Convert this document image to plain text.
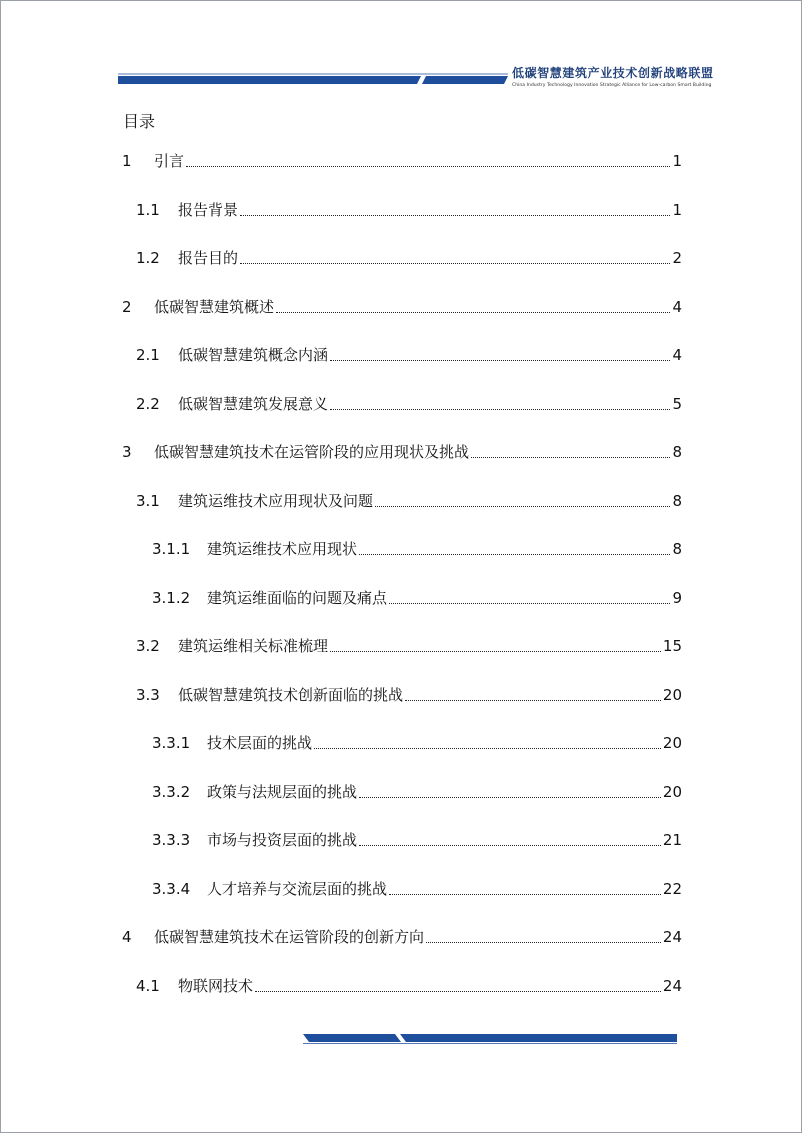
低碳智慧建筑产业技术创新战略联盟
China Industry Technology Innovation Strategic Alliance for Low-carbon Smart Building
目录
1	引言	1
1.1	报告背景	1
1.2	报告目的	2
2	低碳智慧建筑概述	4
2.1	低碳智慧建筑概念内涵	4
2.2	低碳智慧建筑发展意义	5
3	低碳智慧建筑技术在运管阶段的应用现状及挑战	8
3.1	建筑运维技术应用现状及问题	8
3.1.1	建筑运维技术应用现状	8
3.1.2	建筑运维面临的问题及痛点	9
3.2	建筑运维相关标准梳理	15
3.3	低碳智慧建筑技术创新面临的挑战	20
3.3.1	技术层面的挑战	20
3.3.2	政策与法规层面的挑战	20
3.3.3	市场与投资层面的挑战	21
3.3.4	人才培养与交流层面的挑战	22
4	低碳智慧建筑技术在运管阶段的创新方向	24
4.1	物联网技术	24
